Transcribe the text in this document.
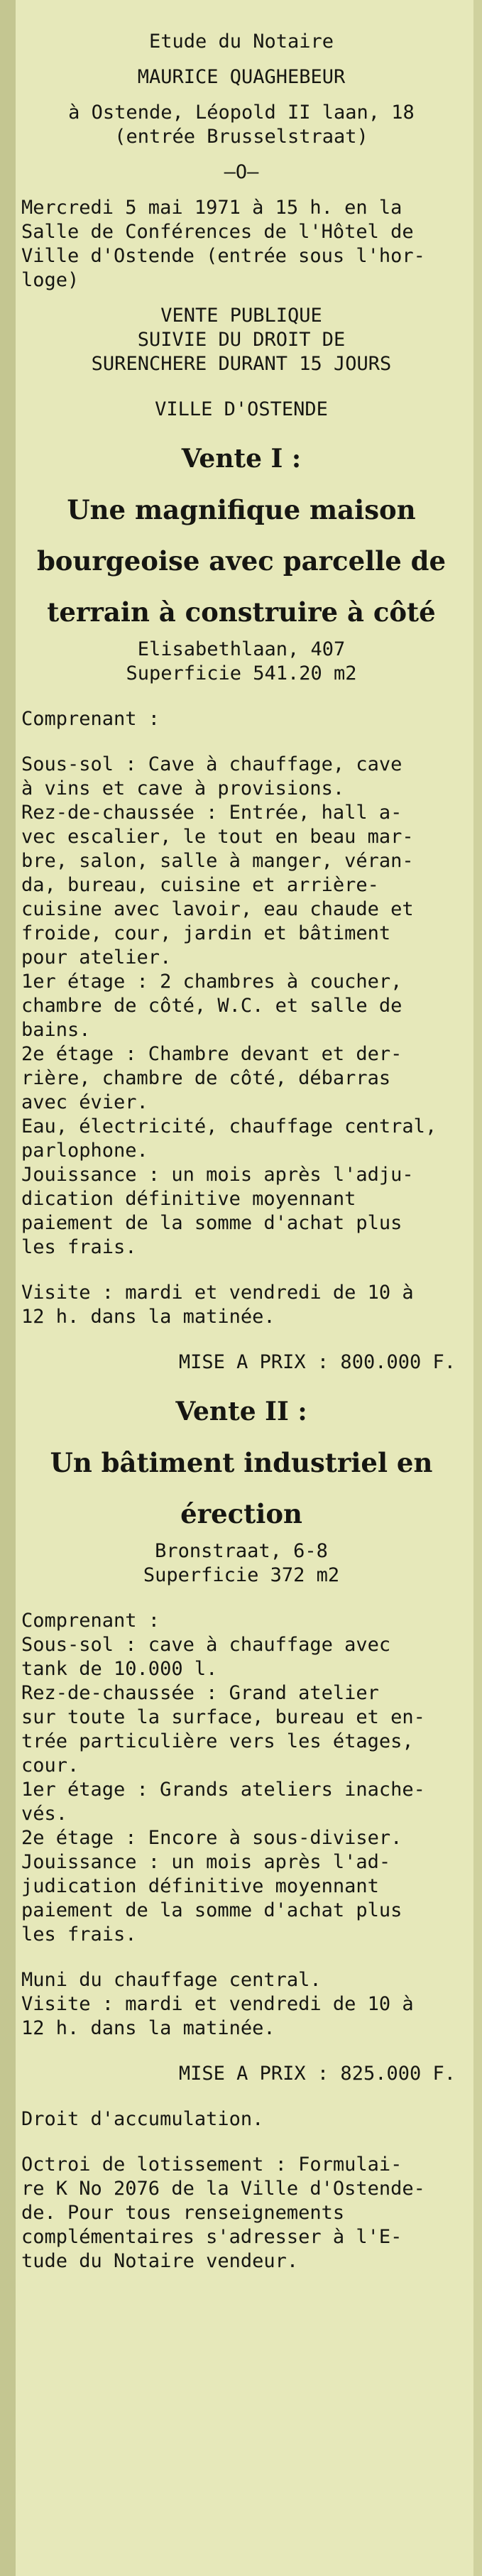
Etude du Notaire
MAURICE QUAGHEBEUR
à Ostende, Léopold II laan, 18
(entrée Brusselstraat)
—O—
Mercredi 5 mai 1971 à 15 h. en la
Salle de Conférences de l'Hôtel de
Ville d'Ostende (entrée sous l'hor-
loge)
VENTE PUBLIQUE
SUIVIE DU DROIT DE
SURENCHERE DURANT 15 JOURS
VILLE D'OSTENDE
Vente I :
Une magnifique maison
bourgeoise avec parcelle de
terrain à construire à côté
Elisabethlaan, 407
Superficie 541.20 m2
Comprenant :
Sous-sol : Cave à chauffage, cave
à vins et cave à provisions.
Rez-de-chaussée : Entrée, hall a-
vec escalier, le tout en beau mar-
bre, salon, salle à manger, véran-
da, bureau, cuisine et arrière-
cuisine avec lavoir, eau chaude et
froide, cour, jardin et bâtiment
pour atelier.
1er étage : 2 chambres à coucher,
chambre de côté, W.C. et salle de
bains.
2e étage : Chambre devant et der-
rière, chambre de côté, débarras
avec évier.
Eau, électricité, chauffage central,
parlophone.
Jouissance : un mois après l'adju-
dication définitive moyennant
paiement de la somme d'achat plus
les frais.
Visite : mardi et vendredi de 10 à
12 h. dans la matinée.
MISE A PRIX : 800.000 F.
Vente II :
Un bâtiment industriel en
érection
Bronstraat, 6-8
Superficie 372 m2
Comprenant :
Sous-sol : cave à chauffage avec
tank de 10.000 l.
Rez-de-chaussée : Grand atelier
sur toute la surface, bureau et en-
trée particulière vers les étages,
cour.
1er étage : Grands ateliers inache-
vés.
2e étage : Encore à sous-diviser.
Jouissance : un mois après l'ad-
judication définitive moyennant
paiement de la somme d'achat plus
les frais.
Muni du chauffage central.
Visite : mardi et vendredi de 10 à
12 h. dans la matinée.
MISE A PRIX : 825.000 F.
Droit d'accumulation.
Octroi de lotissement : Formulai-
re K No 2076 de la Ville d'Ostende-
de. Pour tous renseignements
complémentaires s'adresser à l'E-
tude du Notaire vendeur.
